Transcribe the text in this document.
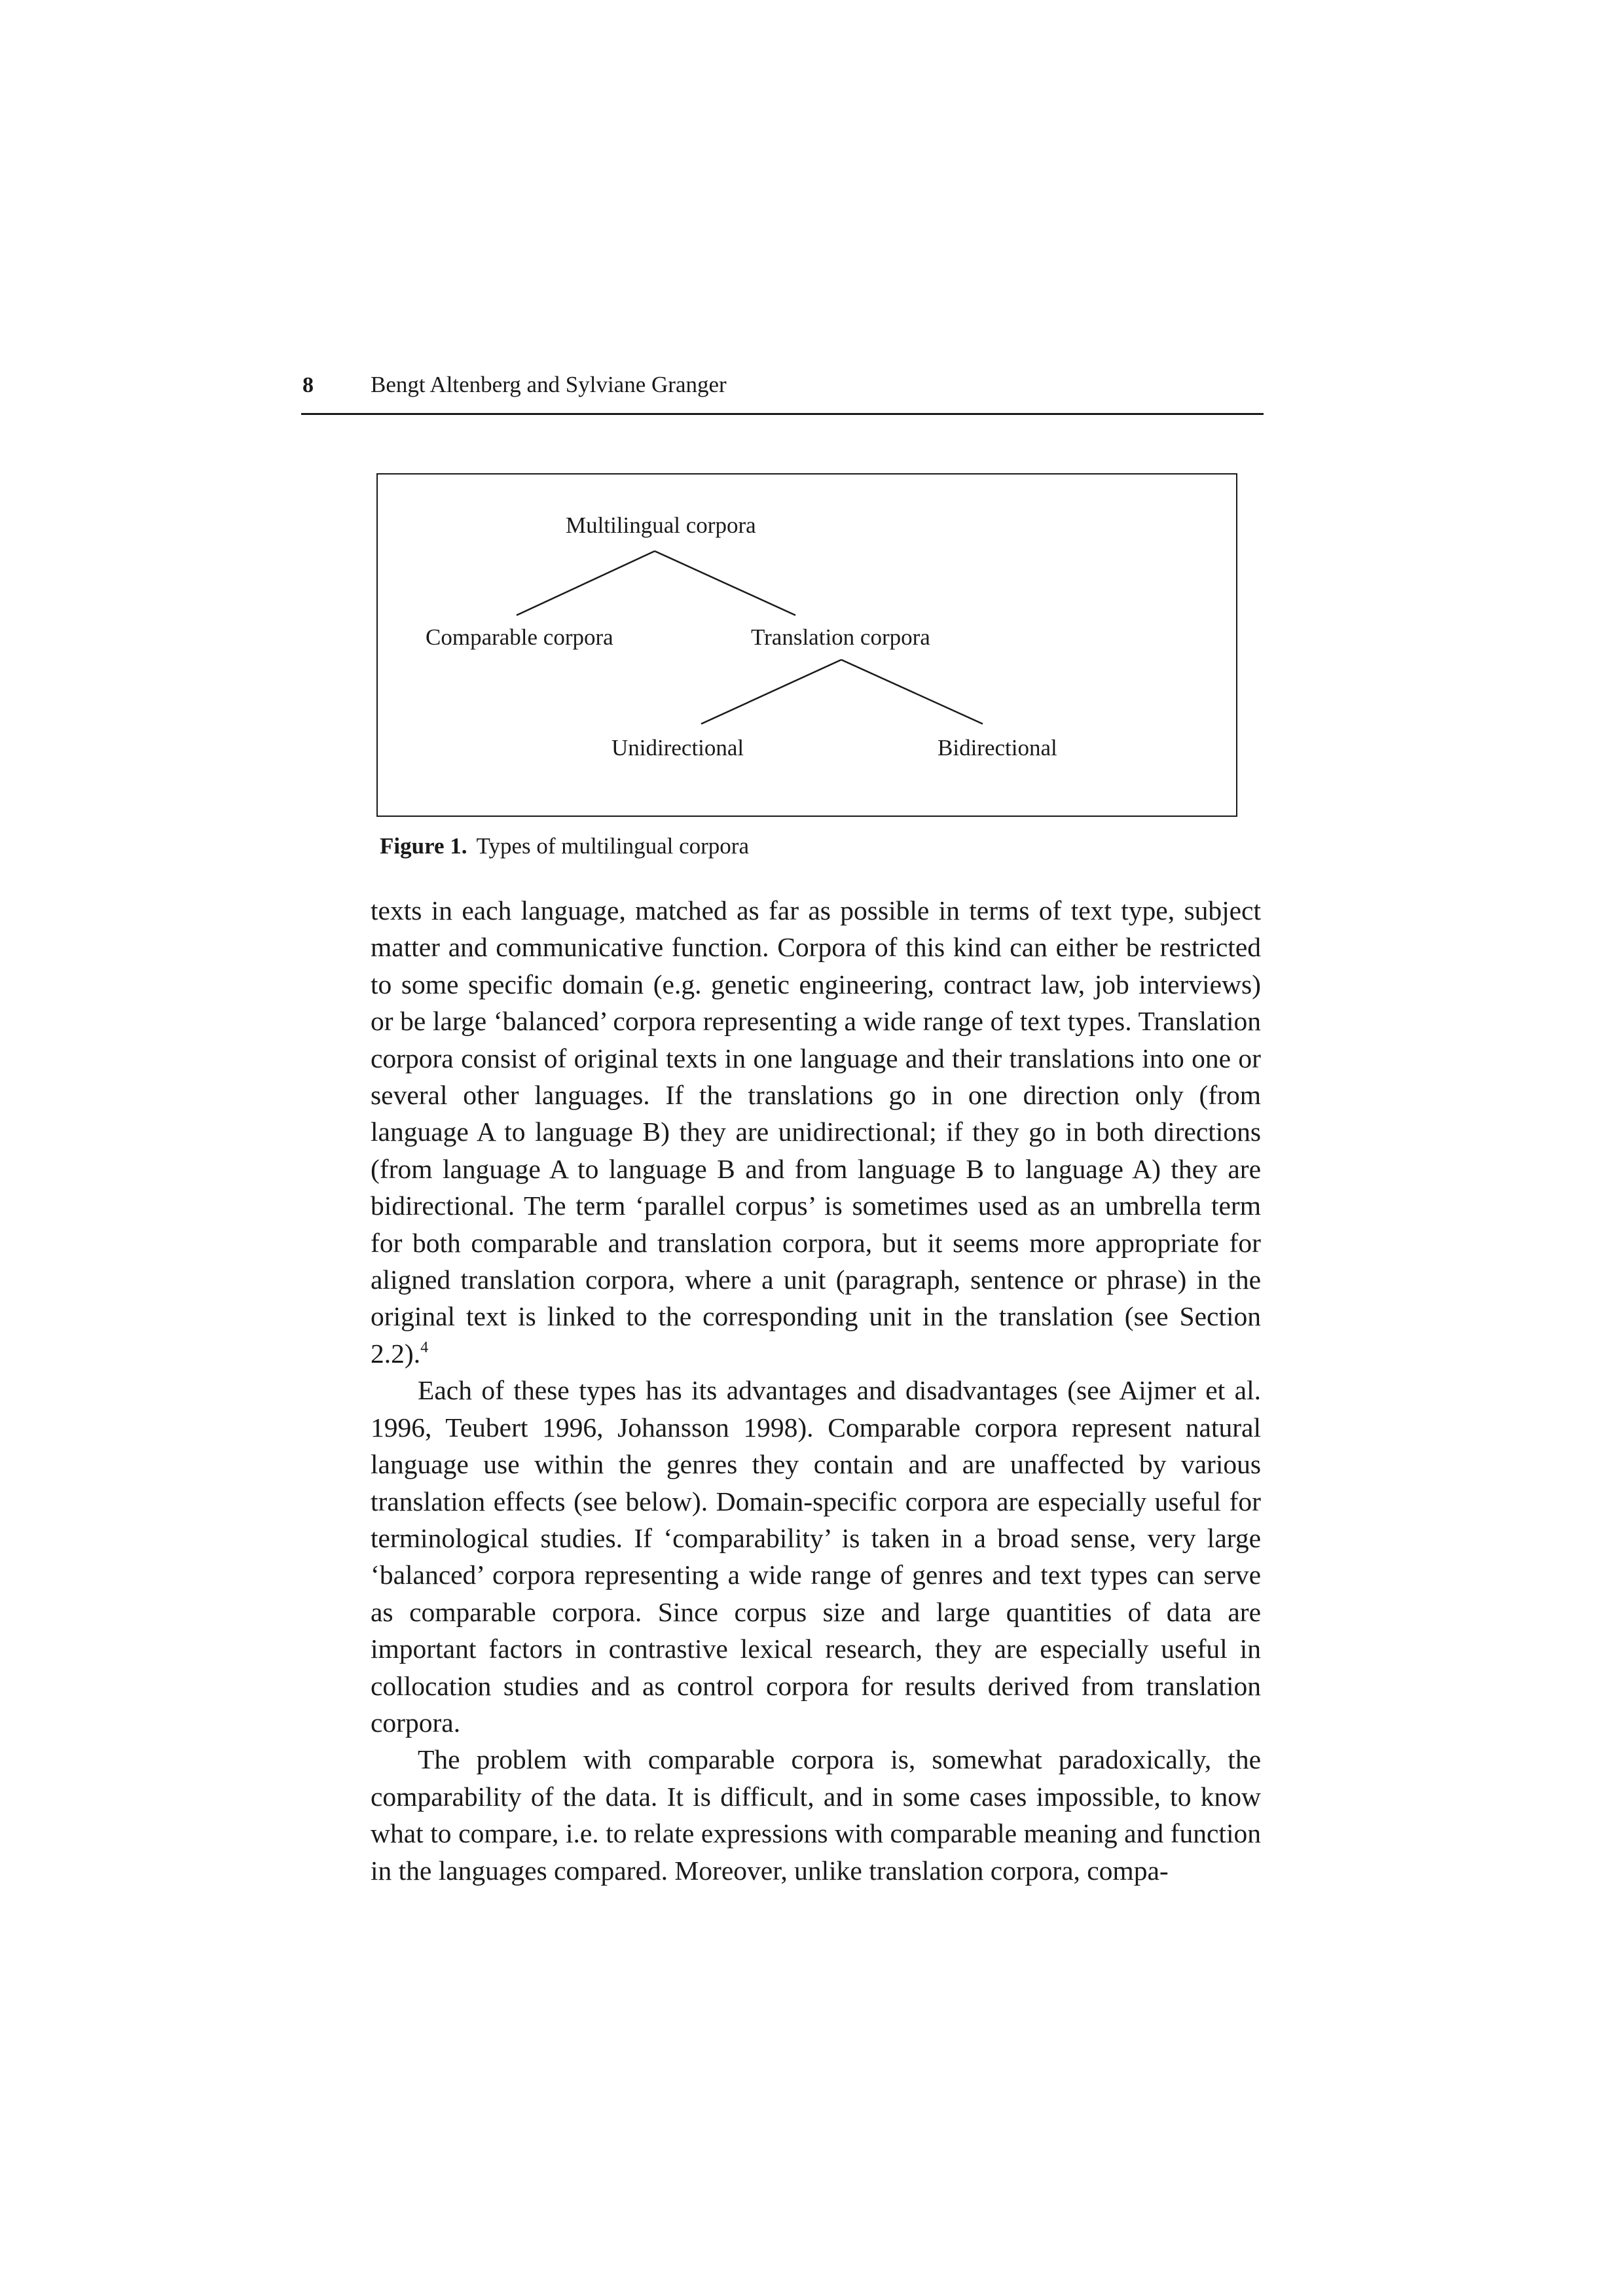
8 Bengt Altenberg and Sylviane Granger
Multilingual corpora
Comparable corpora	Translation corpora
Unidirectional	Bidirectional
Figure 1. Types of multilingual corpora

texts in each language, matched as far as possible in terms of text type, subject matter and communicative function. Corpora of this kind can either be restricted to some specific domain (e.g. genetic engineering, contract law, job interviews) or be large ‘balanced’ corpora representing a wide range of text types. Translation corpora consist of original texts in one language and their translations into one or several other languages. If the translations go in one direction only (from language A to language B) they are unidirectional; if they go in both directions (from language A to language B and from language B to language A) they are bidirectional. The term ‘parallel corpus’ is sometimes used as an umbrella term for both comparable and translation corpora, but it seems more appropriate for aligned translation corpora, where a unit (paragraph, sentence or phrase) in the original text is linked to the corresponding unit in the translation (see Section 2.2).$^4$

Each of these types has its advantages and disadvantages (see Aijmer et al. 1996, Teubert 1996, Johansson 1998). Comparable corpora represent natural language use within the genres they contain and are unaffected by various translation effects (see below). Domain-specific corpora are especially useful for terminological studies. If ‘comparability’ is taken in a broad sense, very large ‘balanced’ corpora representing a wide range of genres and text types can serve as comparable corpora. Since corpus size and large quantities of data are important factors in contrastive lexical research, they are especially useful in collocation studies and as control corpora for results derived from translation corpora.

The problem with comparable corpora is, somewhat paradoxically, the comparability of the data. It is difficult, and in some cases impossible, to know what to compare, i.e. to relate expressions with comparable meaning and function in the languages compared. Moreover, unlike translation corpora, compa-
